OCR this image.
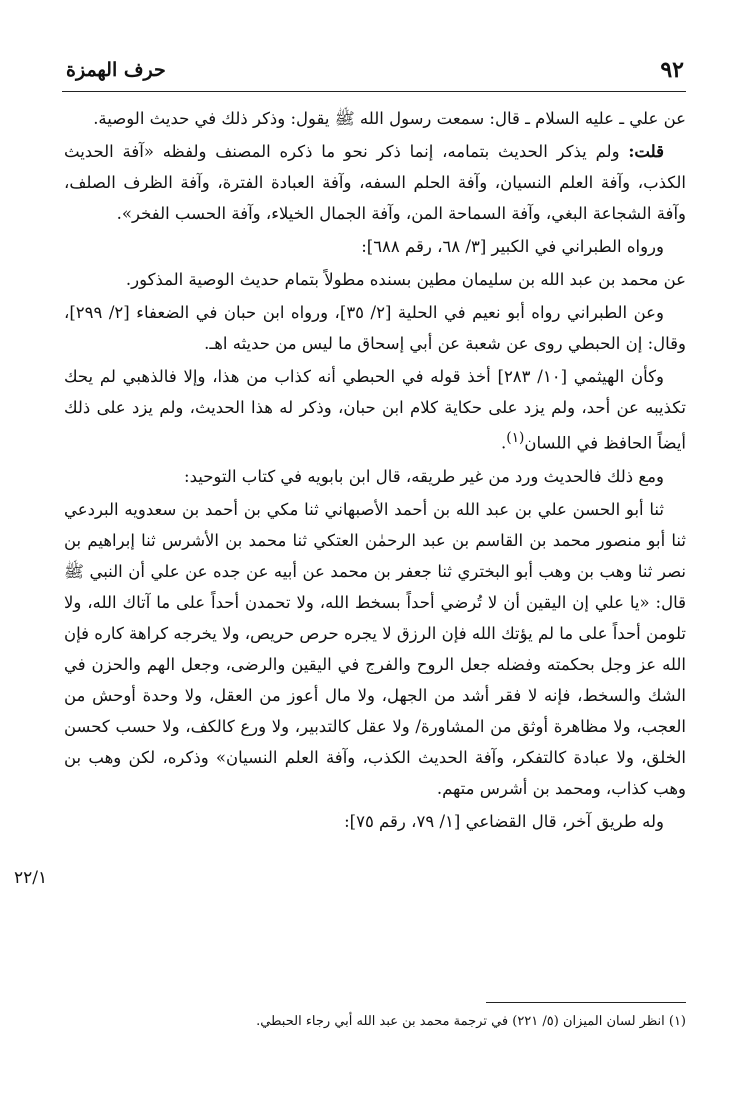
٩٢
حرف الهمزة

عن علي ـ عليه السلام ـ قال: سمعت رسول الله ﷺ يقول: وذكر ذلك في حديث الوصية.

قلت: ولم يذكر الحديث بتمامه، إنما ذكر نحو ما ذكره المصنف ولفظه «آفة الحديث الكذب، وآفة العلم النسيان، وآفة الحلم السفه، وآفة العبادة الفترة، وآفة الظرف الصلف، وآفة الشجاعة البغي، وآفة السماحة المن، وآفة الجمال الخيلاء، وآفة الحسب الفخر».

ورواه الطبراني في الكبير [٣/ ٦٨، رقم ٦٨٨]:

عن محمد بن عبد الله بن سليمان مطين بسنده مطولاً بتمام حديث الوصية المذكور.

وعن الطبراني رواه أبو نعيم في الحلية [٢/ ٣٥]، ورواه ابن حبان في الضعفاء [٢/ ٢٩٩]، وقال: إن الحبطي روى عن شعبة عن أبي إسحاق ما ليس من حديثه اهـ.

وكأن الهيثمي [١٠/ ٢٨٣] أخذ قوله في الحبطي أنه كذاب من هذا، وإلا فالذهبي لم يحك تكذيبه عن أحد، ولم يزد على حكاية كلام ابن حبان، وذكر له هذا الحديث، ولم يزد على ذلك أيضاً الحافظ في اللسان$^{(١)}$.

ومع ذلك فالحديث ورد من غير طريقه، قال ابن بابويه في كتاب التوحيد:

ثنا أبو الحسن علي بن عبد الله بن أحمد الأصبهاني ثنا مكي بن أحمد بن سعدويه البردعي ثنا أبو منصور محمد بن القاسم بن عبد الرحمٰن العتكي ثنا محمد بن الأشرس ثنا إبراهيم بن نصر ثنا وهب بن وهب أبو البختري ثنا جعفر بن محمد عن أبيه عن جده عن علي أن النبي ﷺ قال: «يا علي إن اليقين أن لا تُرضي أحداً بسخط الله، ولا تحمدن أحداً على ما آتاك الله، ولا تلومن أحداً على ما لم يؤتك الله فإن الرزق لا يجره حرص حريص، ولا يخرجه كراهة كاره فإن الله عز وجل بحكمته وفضله جعل الروح والفرج في اليقين والرضى، وجعل الهم والحزن في الشك والسخط، فإنه لا فقر أشد من الجهل، ولا مال أعوز من العقل، ولا وحدة أوحش من العجب، ولا مظاهرة أوثق من المشاورة/ ولا عقل كالتدبير، ولا ورع كالكف، ولا حسب كحسن الخلق، ولا عبادة كالتفكر، وآفة الحديث الكذب، وآفة العلم النسيان» وذكره، لكن وهب بن وهب كذاب، ومحمد بن أشرس متهم.

وله طريق آخر، قال القضاعي [١/ ٧٩، رقم ٧٥]:

٢٢/١
(١) انظر لسان الميزان (٥/ ٢٢١) في ترجمة محمد بن عبد الله أبي رجاء الحبطي.
